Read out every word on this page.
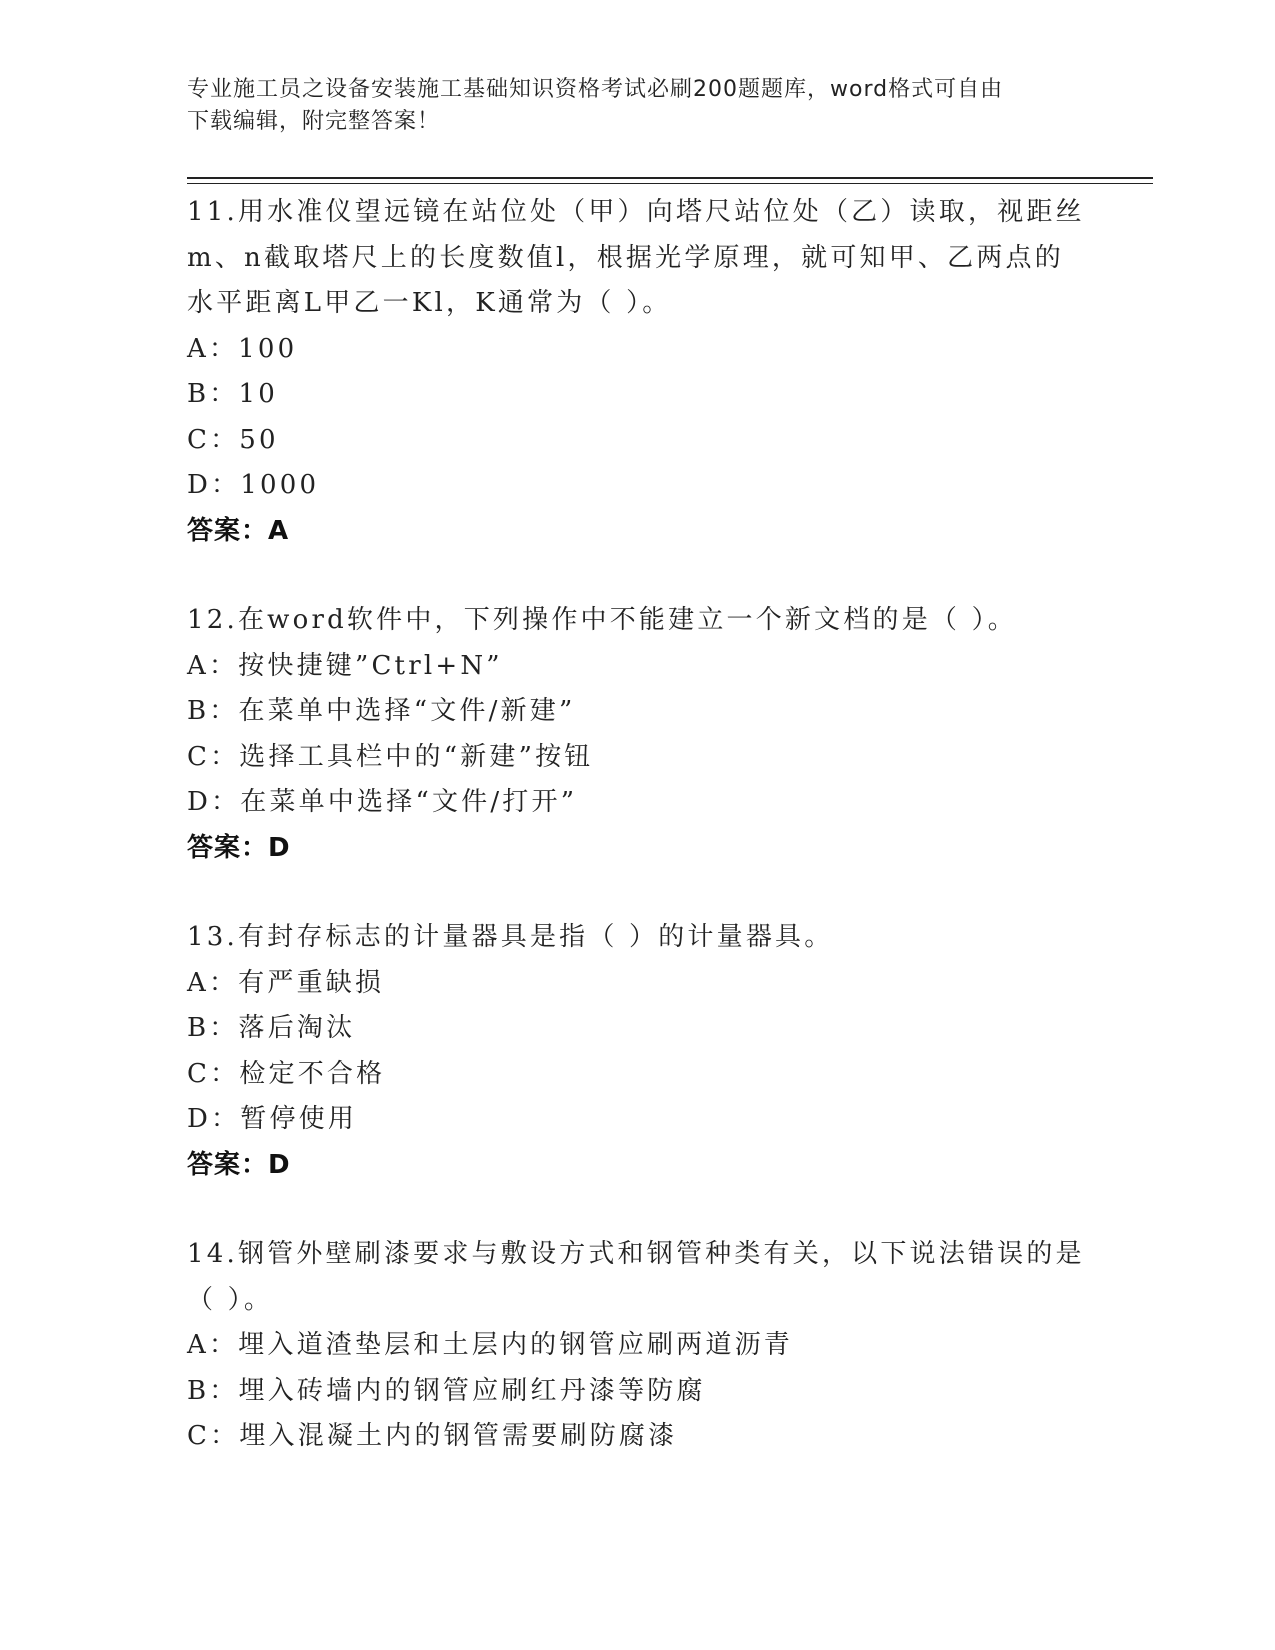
专业施工员之设备安装施工基础知识资格考试必刷200题题库，word格式可自由
下载编辑，附完整答案！
11.用水准仪望远镜在站位处（甲）向塔尺站位处（乙）读取，视距丝
m、n截取塔尺上的长度数值l，根据光学原理，就可知甲、乙两点的
水平距离L甲乙一Kl，K通常为（ ）。
A：100
B：10
C：50
D：1000
答案：A
12.在word软件中，下列操作中不能建立一个新文档的是（ ）。
A：按快捷键”Ctrl+N”
B：在菜单中选择“文件/新建”
C：选择工具栏中的“新建”按钮
D：在菜单中选择“文件/打开”
答案：D
13.有封存标志的计量器具是指（ ）的计量器具。
A：有严重缺损
B：落后淘汰
C：检定不合格
D：暂停使用
答案：D
14.钢管外壁刷漆要求与敷设方式和钢管种类有关，以下说法错误的是
（ ）。
A：埋入道渣垫层和土层内的钢管应刷两道沥青
B：埋入砖墙内的钢管应刷红丹漆等防腐
C：埋入混凝土内的钢管需要刷防腐漆
